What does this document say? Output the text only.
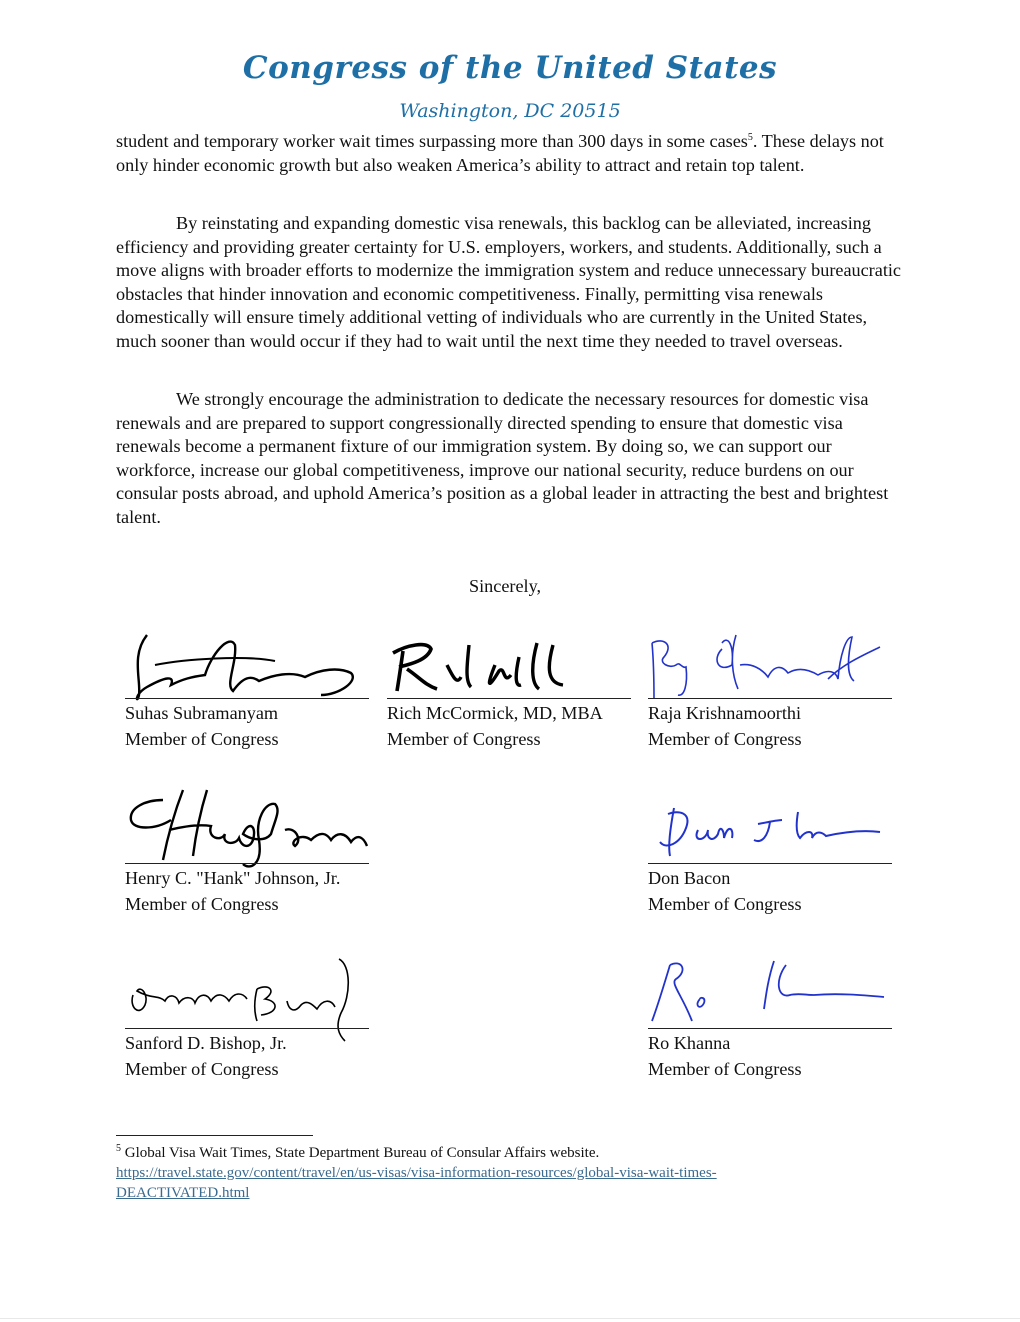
Congress of the United States
Washington, DC 20515
student and temporary worker wait times surpassing more than 300 days in some cases$^5$. These delays not only hinder economic growth but also weaken America’s ability to attract and retain top talent.
By reinstating and expanding domestic visa renewals, this backlog can be alleviated, increasing efficiency and providing greater certainty for U.S. employers, workers, and students. Additionally, such a move aligns with broader efforts to modernize the immigration system and reduce unnecessary bureaucratic obstacles that hinder innovation and economic competitiveness. Finally, permitting visa renewals domestically will ensure timely additional vetting of individuals who are currently in the United States, much sooner than would occur if they had to wait until the next time they needed to travel overseas.
We strongly encourage the administration to dedicate the necessary resources for domestic visa renewals and are prepared to support congressionally directed spending to ensure that domestic visa renewals become a permanent fixture of our immigration system. By doing so, we can support our workforce, increase our global competitiveness, improve our national security, reduce burdens on our consular posts abroad, and uphold America’s position as a global leader in attracting the best and brightest talent.
Sincerely,
Suhas Subramanyam
Member of Congress
Rich McCormick, MD, MBA
Member of Congress
Raja Krishnamoorthi
Member of Congress
Henry C. "Hank" Johnson, Jr.
Member of Congress
Don Bacon
Member of Congress
Sanford D. Bishop, Jr.
Member of Congress
Ro Khanna
Member of Congress
$^5$ Global Visa Wait Times, State Department Bureau of Consular Affairs website.
https://travel.state.gov/content/travel/en/us-visas/visa-information-resources/global-visa-wait-times-
DEACTIVATED.html
